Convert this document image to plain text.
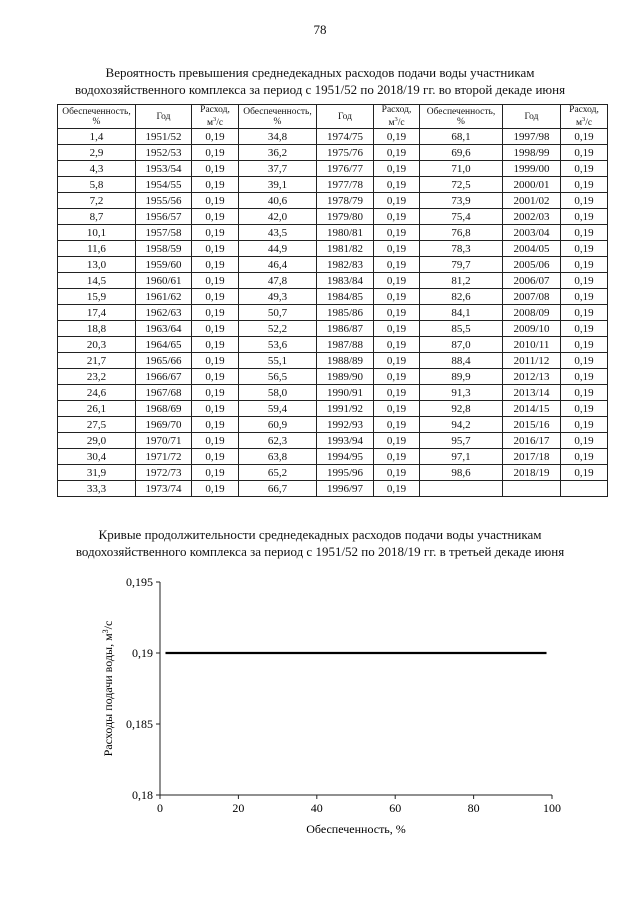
78
Вероятность превышения среднедекадных расходов подачи воды участникам
водохозяйственного комплекса за период с 1951/52 по 2018/19 гг. во второй декаде июня
Обеспеченность,
%	Год	Расход,
$м^3/с$	Обеспеченность,
%	Год	Расход,
$м^3/с$	Обеспеченность,
%	Год	Расход,
$м^3/с$
1,4	1951/52	0,19	34,8	1974/75	0,19	68,1	1997/98	0,19
2,9	1952/53	0,19	36,2	1975/76	0,19	69,6	1998/99	0,19
4,3	1953/54	0,19	37,7	1976/77	0,19	71,0	1999/00	0,19
5,8	1954/55	0,19	39,1	1977/78	0,19	72,5	2000/01	0,19
7,2	1955/56	0,19	40,6	1978/79	0,19	73,9	2001/02	0,19
8,7	1956/57	0,19	42,0	1979/80	0,19	75,4	2002/03	0,19
10,1	1957/58	0,19	43,5	1980/81	0,19	76,8	2003/04	0,19
11,6	1958/59	0,19	44,9	1981/82	0,19	78,3	2004/05	0,19
13,0	1959/60	0,19	46,4	1982/83	0,19	79,7	2005/06	0,19
14,5	1960/61	0,19	47,8	1983/84	0,19	81,2	2006/07	0,19
15,9	1961/62	0,19	49,3	1984/85	0,19	82,6	2007/08	0,19
17,4	1962/63	0,19	50,7	1985/86	0,19	84,1	2008/09	0,19
18,8	1963/64	0,19	52,2	1986/87	0,19	85,5	2009/10	0,19
20,3	1964/65	0,19	53,6	1987/88	0,19	87,0	2010/11	0,19
21,7	1965/66	0,19	55,1	1988/89	0,19	88,4	2011/12	0,19
23,2	1966/67	0,19	56,5	1989/90	0,19	89,9	2012/13	0,19
24,6	1967/68	0,19	58,0	1990/91	0,19	91,3	2013/14	0,19
26,1	1968/69	0,19	59,4	1991/92	0,19	92,8	2014/15	0,19
27,5	1969/70	0,19	60,9	1992/93	0,19	94,2	2015/16	0,19
29,0	1970/71	0,19	62,3	1993/94	0,19	95,7	2016/17	0,19
30,4	1971/72	0,19	63,8	1994/95	0,19	97,1	2017/18	0,19
31,9	1972/73	0,19	65,2	1995/96	0,19	98,6	2018/19	0,19
33,3	1973/74	0,19	66,7	1996/97	0,19			
Кривые продолжительности среднедекадных расходов подачи воды участникам
водохозяйственного комплекса за период с 1951/52 по 2018/19 гг. в третьей декаде июня
0	20	40	60	80	100
0,18
0,185
0,19
0,195
Обеспеченность, %
Расходы подачи воды, $м^3/с$
